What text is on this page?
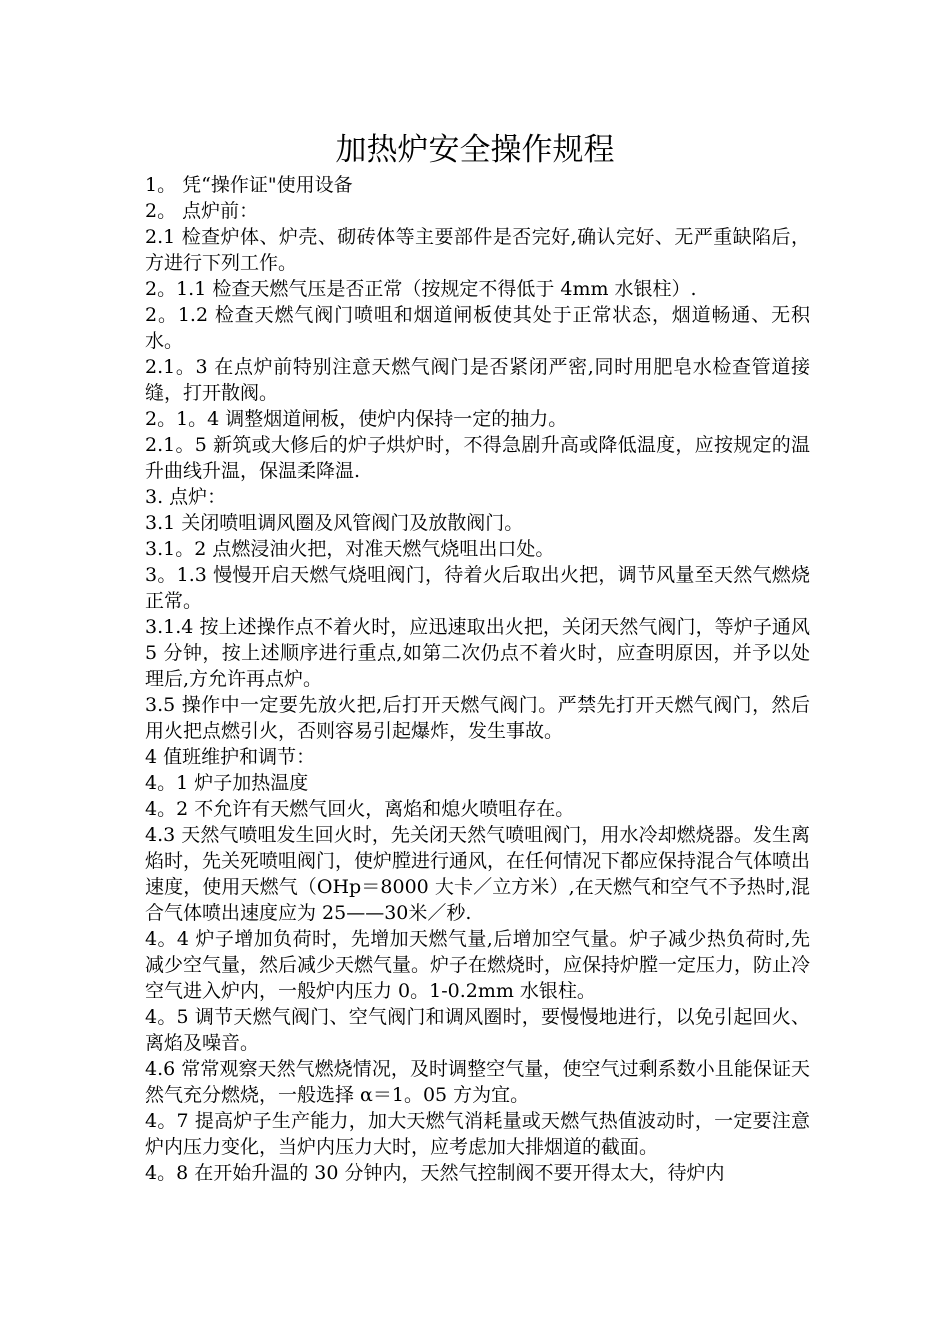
加热炉安全操作规程

1。 凭“操作证"使用设备

2。 点炉前：

2.1 检查炉体、炉壳、砌砖体等主要部件是否完好,确认完好、无严重缺陷后，方进行下列工作。

2。1.1 检查天燃气压是否正常（按规定不得低于 4mm 水银柱）.

2。1.2 检查天燃气阀门喷咀和烟道闸板使其处于正常状态，烟道畅通、无积水。

2.1。3 在点炉前特别注意天燃气阀门是否紧闭严密,同时用肥皂水检查管道接缝，打开散阀。

2。1。4 调整烟道闸板，使炉内保持一定的抽力。

2.1。5 新筑或大修后的炉子烘炉时，不得急剧升高或降低温度，应按规定的温升曲线升温，保温柔降温.

3. 点炉：

3.1 关闭喷咀调风圈及风管阀门及放散阀门。

3.1。2 点燃浸油火把，对准天燃气烧咀出口处。

3。1.3 慢慢开启天燃气烧咀阀门，待着火后取出火把，调节风量至天然气燃烧正常。

3.1.4 按上述操作点不着火时，应迅速取出火把，关闭天然气阀门，等炉子通风 5 分钟，按上述顺序进行重点,如第二次仍点不着火时，应查明原因，并予以处理后,方允许再点炉。

3.5 操作中一定要先放火把,后打开天燃气阀门。严禁先打开天燃气阀门，然后用火把点燃引火，否则容易引起爆炸，发生事故。

4 值班维护和调节：

4。1 炉子加热温度

4。2 不允许有天燃气回火，离焰和熄火喷咀存在。

4.3 天然气喷咀发生回火时，先关闭天然气喷咀阀门，用水冷却燃烧器。发生离焰时，先关死喷咀阀门，使炉膛进行通风，在任何情况下都应保持混合气体喷出速度，使用天燃气（OHp＝8000 大卡／立方米）,在天燃气和空气不予热时,混合气体喷出速度应为 25——30米／秒.

4。4 炉子增加负荷时，先增加天燃气量,后增加空气量。炉子减少热负荷时,先减少空气量，然后减少天燃气量。炉子在燃烧时，应保持炉膛一定压力，防止冷空气进入炉内，一般炉内压力 0。1-0.2mm 水银柱。

4。5 调节天燃气阀门、空气阀门和调风圈时，要慢慢地进行，以免引起回火、离焰及噪音。

4.6 常常观察天然气燃烧情况，及时调整空气量，使空气过剩系数小且能保证天然气充分燃烧，一般选择 α＝1。05 方为宜。

4。7 提高炉子生产能力，加大天燃气消耗量或天燃气热值波动时，一定要注意炉内压力变化，当炉内压力大时，应考虑加大排烟道的截面。

4。8 在开始升温的 30 分钟内，天然气控制阀不要开得太大，待炉内
